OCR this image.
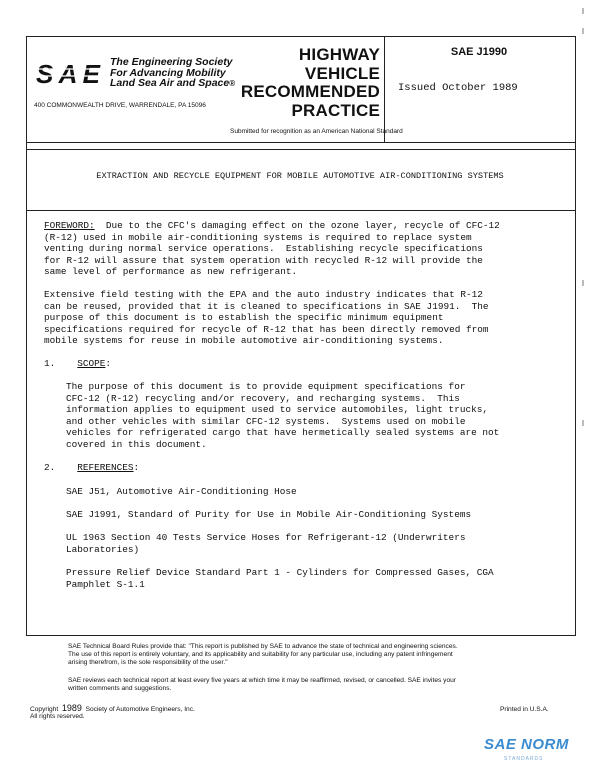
SAE The Engineering Society
For Advancing Mobility
Land Sea Air and Space®
400 COMMONWEALTH DRIVE, WARRENDALE, PA 15096
HIGHWAY
VEHICLE
RECOMMENDED
PRACTICE
Submitted for recognition as an American National Standard
SAE J1990
Issued October 1989
EXTRACTION AND RECYCLE EQUIPMENT FOR MOBILE AUTOMOTIVE AIR-CONDITIONING SYSTEMS
FOREWORD:  Due to the CFC's damaging effect on the ozone layer, recycle of CFC-12
(R-12) used in mobile air-conditioning systems is required to replace system
venting during normal service operations.  Establishing recycle specifications
for R-12 will assure that system operation with recycled R-12 will provide the
same level of performance as new refrigerant.
Extensive field testing with the EPA and the auto industry indicates that R-12
can be reused, provided that it is cleaned to specifications in SAE J1991.  The
purpose of this document is to establish the specific minimum equipment
specifications required for recycle of R-12 that has been directly removed from
mobile systems for reuse in mobile automotive air-conditioning systems.
1. SCOPE:
The purpose of this document is to provide equipment specifications for
CFC-12 (R-12) recycling and/or recovery, and recharging systems.  This
information applies to equipment used to service automobiles, light trucks,
and other vehicles with similar CFC-12 systems.  Systems used on mobile
vehicles for refrigerated cargo that have hermetically sealed systems are not
covered in this document.
2. REFERENCES:
SAE J51, Automotive Air-Conditioning Hose
SAE J1991, Standard of Purity for Use in Mobile Air-Conditioning Systems
UL 1963 Section 40 Tests Service Hoses for Refrigerant-12 (Underwriters
Laboratories)
Pressure Relief Device Standard Part 1 - Cylinders for Compressed Gases, CGA
Pamphlet S-1.1
SAE Technical Board Rules provide that: "This report is published by SAE to advance the state of technical and engineering sciences.
The use of this report is entirely voluntary, and its applicability and suitability for any particular use, including any patent infringement
arising therefrom, is the sole responsibility of the user."
SAE reviews each technical report at least every five years at which time it may be reaffirmed, revised, or cancelled. SAE invites your
written comments and suggestions.
Copyright 1989 Society of Automotive Engineers, Inc.
All rights reserved.
Printed in U.S.A.
SAE NORM
STANDARDS
